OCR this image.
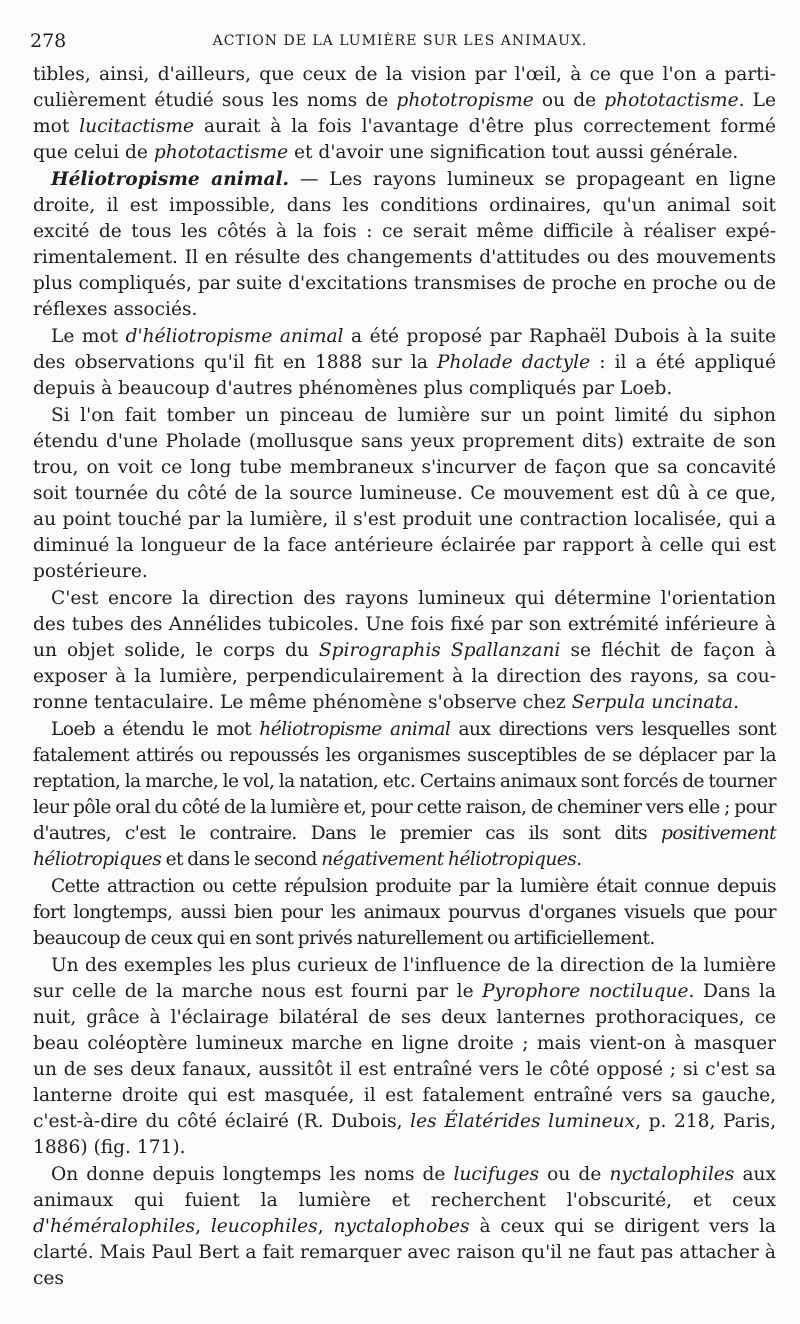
278	ACTION DE LA LUMIÈRE SUR LES ANIMAUX.

tibles, ainsi, d'ailleurs, que ceux de la vision par l'œil, à ce que l'on a particulièrement étudié sous les noms de phototropisme ou de phototactisme. Le mot lucitactisme aurait à la fois l'avantage d'être plus correctement formé que celui de phototactisme et d'avoir une signification tout aussi générale.

Héliotropisme animal. — Les rayons lumineux se propageant en ligne droite, il est impossible, dans les conditions ordinaires, qu'un animal soit excité de tous les côtés à la fois : ce serait même difficile à réaliser expérimentalement. Il en résulte des changements d'attitudes ou des mouvements plus compliqués, par suite d'excitations transmises de proche en proche ou de réflexes associés.

Le mot d'héliotropisme animal a été proposé par Raphaël Dubois à la suite des observations qu'il fit en 1888 sur la Pholade dactyle : il a été appliqué depuis à beaucoup d'autres phénomènes plus compliqués par Loeb.

Si l'on fait tomber un pinceau de lumière sur un point limité du siphon étendu d'une Pholade (mollusque sans yeux proprement dits) extraite de son trou, on voit ce long tube membraneux s'incurver de façon que sa concavité soit tournée du côté de la source lumineuse. Ce mouvement est dû à ce que, au point touché par la lumière, il s'est produit une contraction localisée, qui a diminué la longueur de la face antérieure éclairée par rapport à celle qui est postérieure.

C'est encore la direction des rayons lumineux qui détermine l'orientation des tubes des Annélides tubicoles. Une fois fixé par son extrémité inférieure à un objet solide, le corps du Spirographis Spallanzani se fléchit de façon à exposer à la lumière, perpendiculairement à la direction des rayons, sa couronne tentaculaire. Le même phénomène s'observe chez Serpula uncinata.

Loeb a étendu le mot héliotropisme animal aux directions vers lesquelles sont fatalement attirés ou repoussés les organismes susceptibles de se déplacer par la reptation, la marche, le vol, la natation, etc. Certains animaux sont forcés de tourner leur pôle oral du côté de la lumière et, pour cette raison, de cheminer vers elle ; pour d'autres, c'est le contraire. Dans le premier cas ils sont dits positivement héliotropiques et dans le second négativement héliotropiques.

Cette attraction ou cette répulsion produite par la lumière était connue depuis fort longtemps, aussi bien pour les animaux pourvus d'organes visuels que pour beaucoup de ceux qui en sont privés naturellement ou artificiellement.

Un des exemples les plus curieux de l'influence de la direction de la lumière sur celle de la marche nous est fourni par le Pyrophore noctiluque. Dans la nuit, grâce à l'éclairage bilatéral de ses deux lanternes prothoraciques, ce beau coléoptère lumineux marche en ligne droite ; mais vient-on à masquer un de ses deux fanaux, aussitôt il est entraîné vers le côté opposé ; si c'est sa lanterne droite qui est masquée, il est fatalement entraîné vers sa gauche, c'est-à-dire du côté éclairé (R. Dubois, les Élatérides lumineux, p. 218, Paris, 1886) (fig. 171).

On donne depuis longtemps les noms de lucifuges ou de nyctalophiles aux animaux qui fuient la lumière et recherchent l'obscurité, et ceux d'héméralophiles, leucophiles, nyctalophobes à ceux qui se dirigent vers la clarté. Mais Paul Bert a fait remarquer avec raison qu'il ne faut pas attacher à ces
